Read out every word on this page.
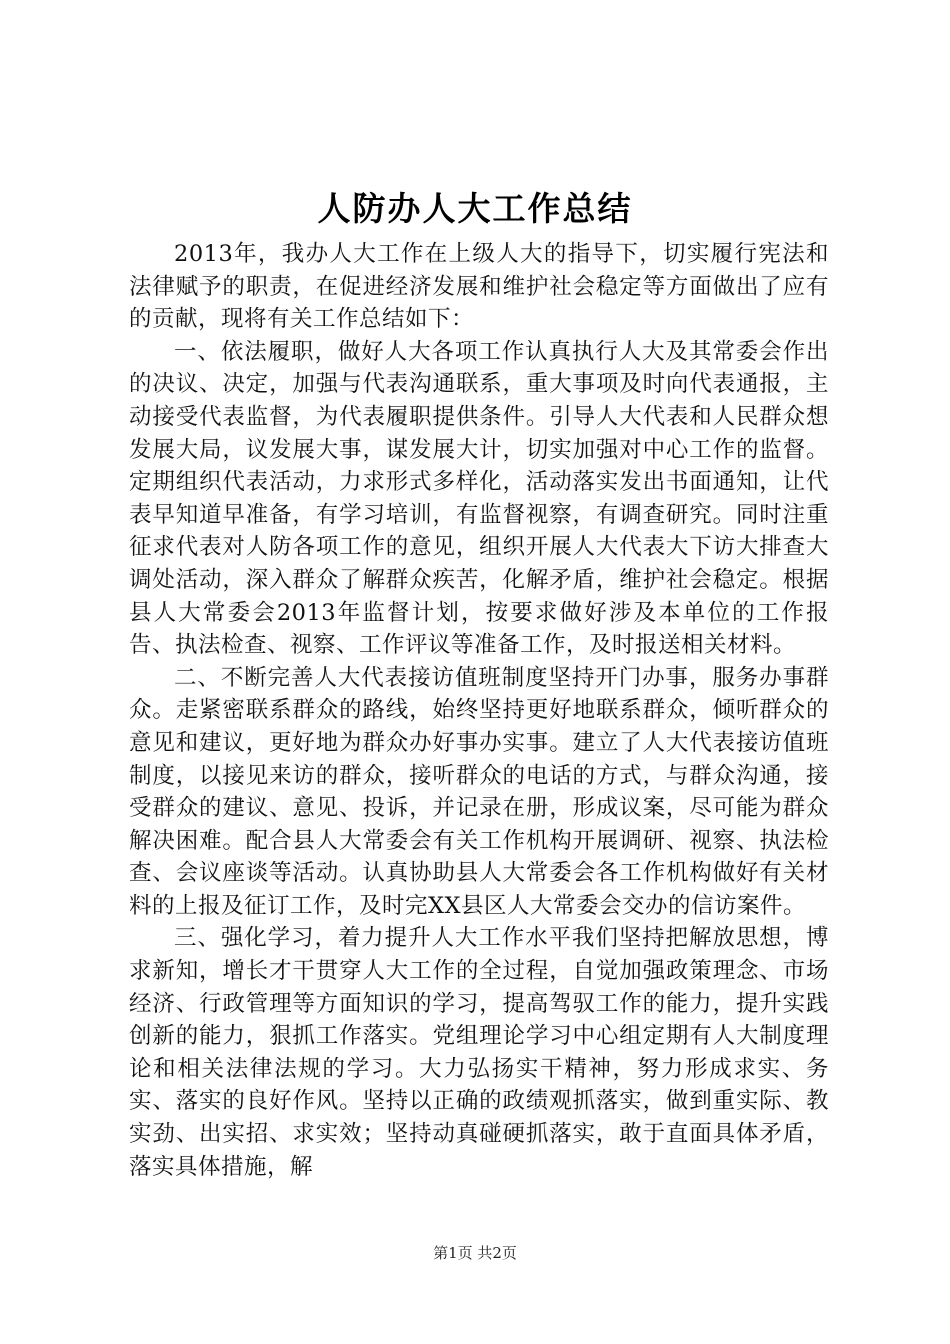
人防办人大工作总结

2013年，我办人大工作在上级人大的指导下，切实履行宪法和法律赋予的职责，在促进经济发展和维护社会稳定等方面做出了应有的贡献，现将有关工作总结如下：

一、依法履职，做好人大各项工作认真执行人大及其常委会作出的决议、决定，加强与代表沟通联系，重大事项及时向代表通报，主动接受代表监督，为代表履职提供条件。引导人大代表和人民群众想发展大局，议发展大事，谋发展大计，切实加强对中心工作的监督。定期组织代表活动，力求形式多样化，活动落实发出书面通知，让代表早知道早准备，有学习培训，有监督视察，有调查研究。同时注重征求代表对人防各项工作的意见，组织开展人大代表大下访大排查大调处活动，深入群众了解群众疾苦，化解矛盾，维护社会稳定。根据县人大常委会2013年监督计划，按要求做好涉及本单位的工作报告、执法检查、视察、工作评议等准备工作，及时报送相关材料。

二、不断完善人大代表接访值班制度坚持开门办事，服务办事群众。走紧密联系群众的路线，始终坚持更好地联系群众，倾听群众的意见和建议，更好地为群众办好事办实事。建立了人大代表接访值班制度，以接见来访的群众，接听群众的电话的方式，与群众沟通，接受群众的建议、意见、投诉，并记录在册，形成议案，尽可能为群众解决困难。配合县人大常委会有关工作机构开展调研、视察、执法检查、会议座谈等活动。认真协助县人大常委会各工作机构做好有关材料的上报及征订工作，及时完XX县区人大常委会交办的信访案件。

三、强化学习，着力提升人大工作水平我们坚持把解放思想，博求新知，增长才干贯穿人大工作的全过程，自觉加强政策理念、市场经济、行政管理等方面知识的学习，提高驾驭工作的能力，提升实践创新的能力，狠抓工作落实。党组理论学习中心组定期有人大制度理论和相关法律法规的学习。大力弘扬实干精神，努力形成求实、务实、落实的良好作风。坚持以正确的政绩观抓落实，做到重实际、教实劲、出实招、求实效；坚持动真碰硬抓落实，敢于直面具体矛盾，落实具体措施，解

第1页 共2页
